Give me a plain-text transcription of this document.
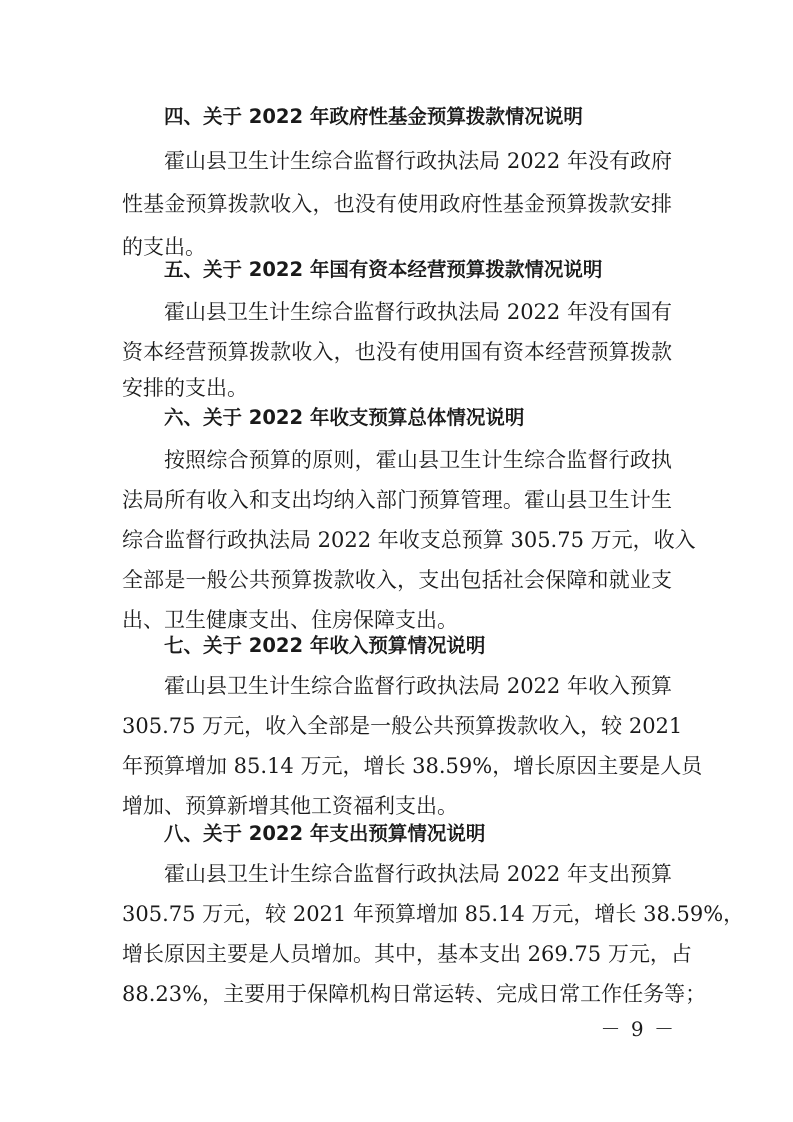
四、关于 2022 年政府性基金预算拨款情况说明
霍山县卫生计生综合监督行政执法局 2022 年没有政府
性基金预算拨款收入，也没有使用政府性基金预算拨款安排
的支出。
五、关于 2022 年国有资本经营预算拨款情况说明
霍山县卫生计生综合监督行政执法局 2022 年没有国有
资本经营预算拨款收入，也没有使用国有资本经营预算拨款
安排的支出。
六、关于 2022 年收支预算总体情况说明
按照综合预算的原则，霍山县卫生计生综合监督行政执
法局所有收入和支出均纳入部门预算管理。霍山县卫生计生
综合监督行政执法局 2022 年收支总预算 305.75 万元，收入
全部是一般公共预算拨款收入，支出包括社会保障和就业支
出、卫生健康支出、住房保障支出。
七、关于 2022 年收入预算情况说明
霍山县卫生计生综合监督行政执法局 2022 年收入预算
305.75 万元，收入全部是一般公共预算拨款收入，较 2021
年预算增加 85.14 万元，增长 38.59%，增长原因主要是人员
增加、预算新增其他工资福利支出。
八、关于 2022 年支出预算情况说明
霍山县卫生计生综合监督行政执法局 2022 年支出预算
305.75 万元，较 2021 年预算增加 85.14 万元，增长 38.59%，
增长原因主要是人员增加。其中，基本支出 269.75 万元，占
88.23%，主要用于保障机构日常运转、完成日常工作任务等；
－ 9 －
